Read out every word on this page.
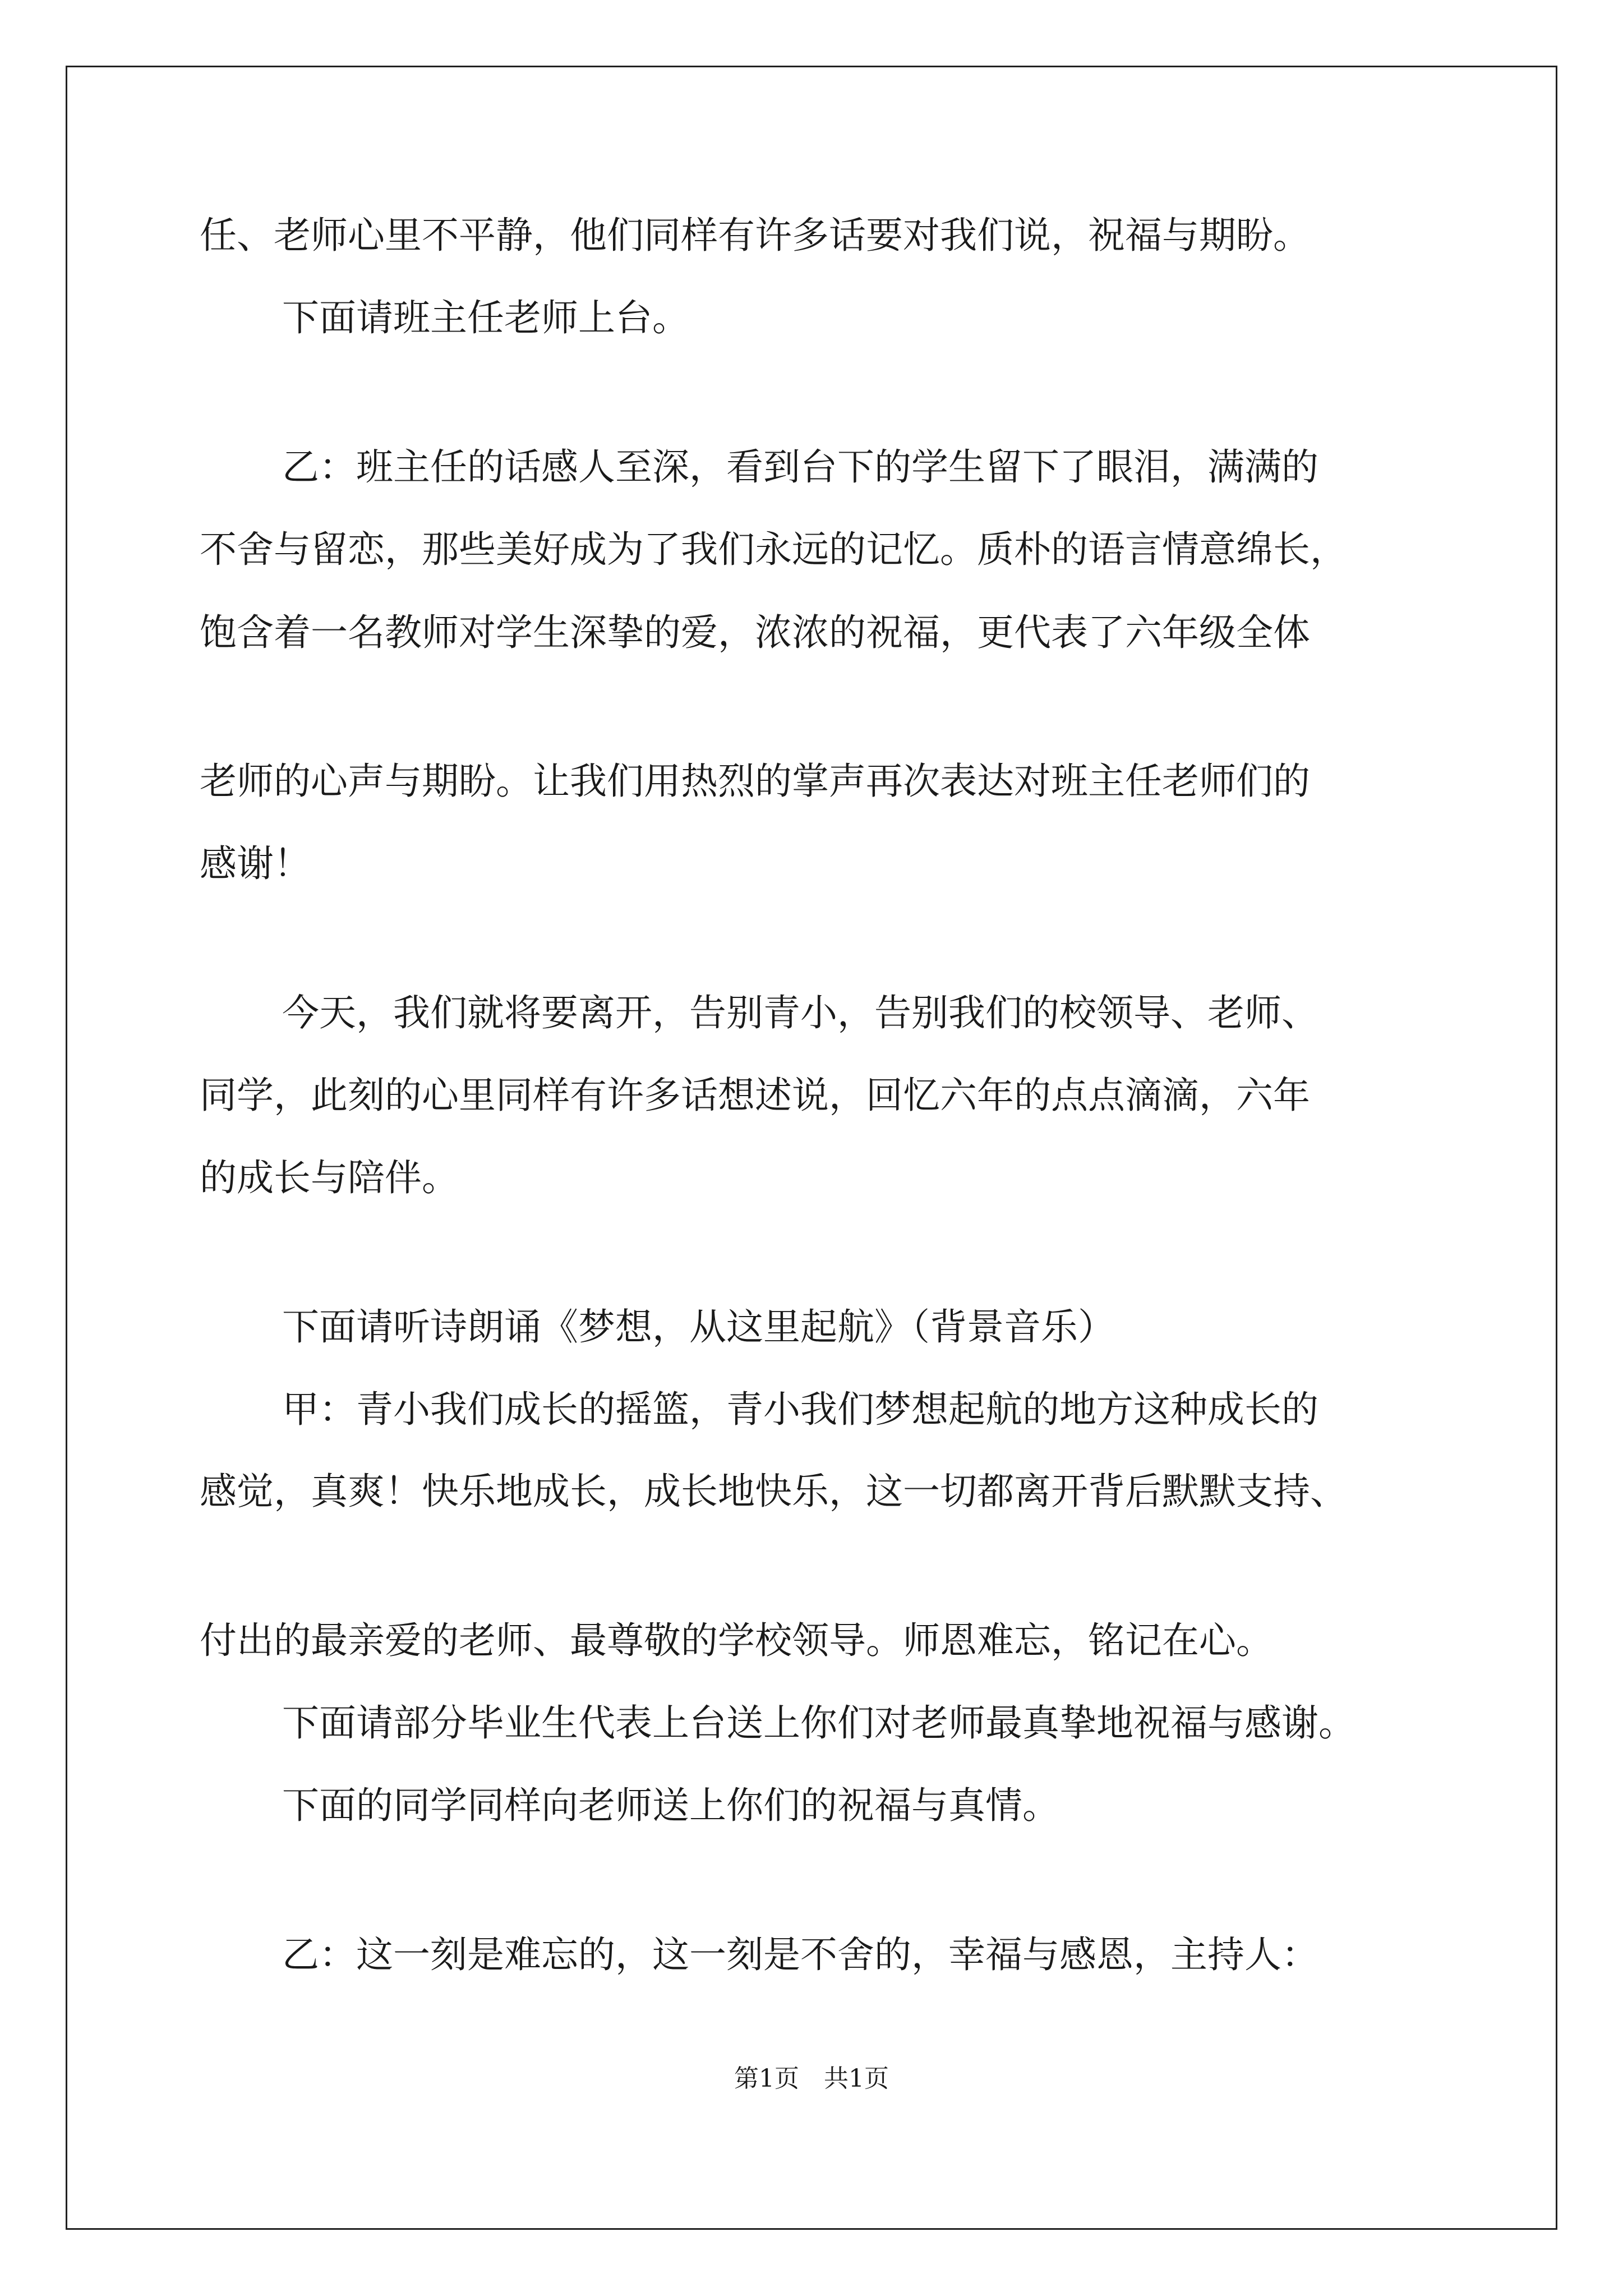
任、老师心里不平静，他们同样有许多话要对我们说，祝福与期盼。
下面请班主任老师上台。
乙：班主任的话感人至深，看到台下的学生留下了眼泪，满满的
不舍与留恋，那些美好成为了我们永远的记忆。质朴的语言情意绵长，
饱含着一名教师对学生深挚的爱，浓浓的祝福，更代表了六年级全体
老师的心声与期盼。让我们用热烈的掌声再次表达对班主任老师们的
感谢！
今天，我们就将要离开，告别青小，告别我们的校领导、老师、
同学，此刻的心里同样有许多话想述说，回忆六年的点点滴滴，六年
的成长与陪伴。
下面请听诗朗诵《梦想，从这里起航》（背景音乐）
甲：青小我们成长的摇篮，青小我们梦想起航的地方这种成长的
感觉，真爽！快乐地成长，成长地快乐，这一切都离开背后默默支持、
付出的最亲爱的老师、最尊敬的学校领导。师恩难忘，铭记在心。
下面请部分毕业生代表上台送上你们对老师最真挚地祝福与感谢。
下面的同学同样向老师送上你们的祝福与真情。
乙：这一刻是难忘的，这一刻是不舍的，幸福与感恩，主持人：
第1页　共1页
